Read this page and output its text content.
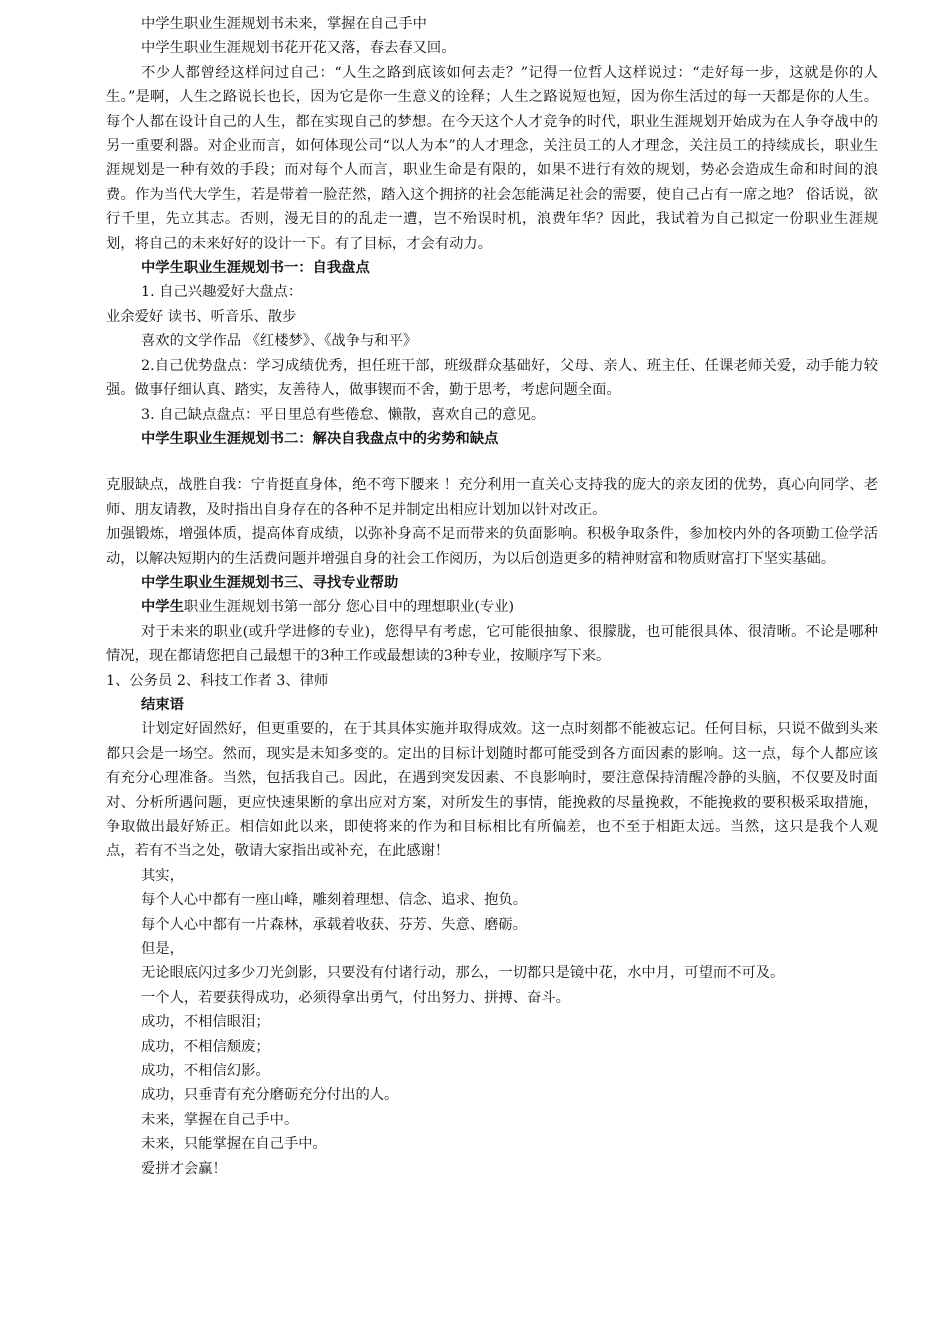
中学生职业生涯规划书未来，掌握在自己手中

中学生职业生涯规划书花开花又落，春去春又回。

不少人都曾经这样问过自己：“人生之路到底该如何去走？”记得一位哲人这样说过：“走好每一步，这就是你的人生。”是啊，人生之路说长也长，因为它是你一生意义的诠释；人生之路说短也短，因为你生活过的每一天都是你的人生。每个人都在设计自己的人生，都在实现自己的梦想。在今天这个人才竞争的时代，职业生涯规划开始成为在人争夺战中的另一重要利器。对企业而言，如何体现公司“以人为本”的人才理念，关注员工的人才理念，关注员工的持续成长，职业生涯规划是一种有效的手段；而对每个人而言，职业生命是有限的，如果不进行有效的规划，势必会造成生命和时间的浪费。作为当代大学生，若是带着一脸茫然，踏入这个拥挤的社会怎能满足社会的需要，使自己占有一席之地？ 俗话说，欲行千里，先立其志。否则，漫无目的的乱走一遭，岂不殆误时机，浪费年华？因此，我试着为自己拟定一份职业生涯规划，将自己的未来好好的设计一下。有了目标，才会有动力。

中学生职业生涯规划书一：自我盘点

1. 自己兴趣爱好大盘点：

业余爱好 读书、听音乐、散步

喜欢的文学作品 《红楼梦》、《战争与和平》

2.自己优势盘点：学习成绩优秀，担任班干部，班级群众基础好，父母、亲人、班主任、任课老师关爱，动手能力较强。做事仔细认真、踏实，友善待人，做事锲而不舍，勤于思考，考虑问题全面。

3. 自己缺点盘点：平日里总有些倦怠、懒散，喜欢自己的意见。

中学生职业生涯规划书二：解决自我盘点中的劣势和缺点

克服缺点，战胜自我：宁肯挺直身体，绝不弯下腰来 ！充分利用一直关心支持我的庞大的亲友团的优势，真心向同学、老师、朋友请教，及时指出自身存在的各种不足并制定出相应计划加以针对改正。

加强锻炼，增强体质，提高体育成绩，以弥补身高不足而带来的负面影响。积极争取条件，参加校内外的各项勤工俭学活动，以解决短期内的生活费问题并增强自身的社会工作阅历，为以后创造更多的精神财富和物质财富打下坚实基础。

中学生职业生涯规划书三、寻找专业帮助

中学生职业生涯规划书第一部分 您心目中的理想职业(专业)

对于未来的职业(或升学进修的专业)，您得早有考虑，它可能很抽象、很朦胧，也可能很具体、很清晰。不论是哪种情况，现在都请您把自己最想干的3种工作或最想读的3种专业，按顺序写下来。

1、公务员 2、科技工作者 3、律师

结束语

计划定好固然好，但更重要的，在于其具体实施并取得成效。这一点时刻都不能被忘记。任何目标，只说不做到头来都只会是一场空。然而，现实是未知多变的。定出的目标计划随时都可能受到各方面因素的影响。这一点，每个人都应该有充分心理准备。当然，包括我自己。因此，在遇到突发因素、不良影响时，要注意保持清醒冷静的头脑，不仅要及时面对、分析所遇问题，更应快速果断的拿出应对方案，对所发生的事情，能挽救的尽量挽救，不能挽救的要积极采取措施，争取做出最好矫正。相信如此以来，即使将来的作为和目标相比有所偏差，也不至于相距太远。当然，这只是我个人观点，若有不当之处，敬请大家指出或补充，在此感谢！

其实，

每个人心中都有一座山峰，雕刻着理想、信念、追求、抱负。

每个人心中都有一片森林，承载着收获、芬芳、失意、磨砺。

但是，

无论眼底闪过多少刀光剑影，只要没有付诸行动，那么，一切都只是镜中花，水中月，可望而不可及。

一个人，若要获得成功，必须得拿出勇气，付出努力、拼搏、奋斗。

成功，不相信眼泪；

成功，不相信颓废；

成功，不相信幻影。

成功，只垂青有充分磨砺充分付出的人。

未来，掌握在自己手中。

未来，只能掌握在自己手中。

爱拼才会赢！
